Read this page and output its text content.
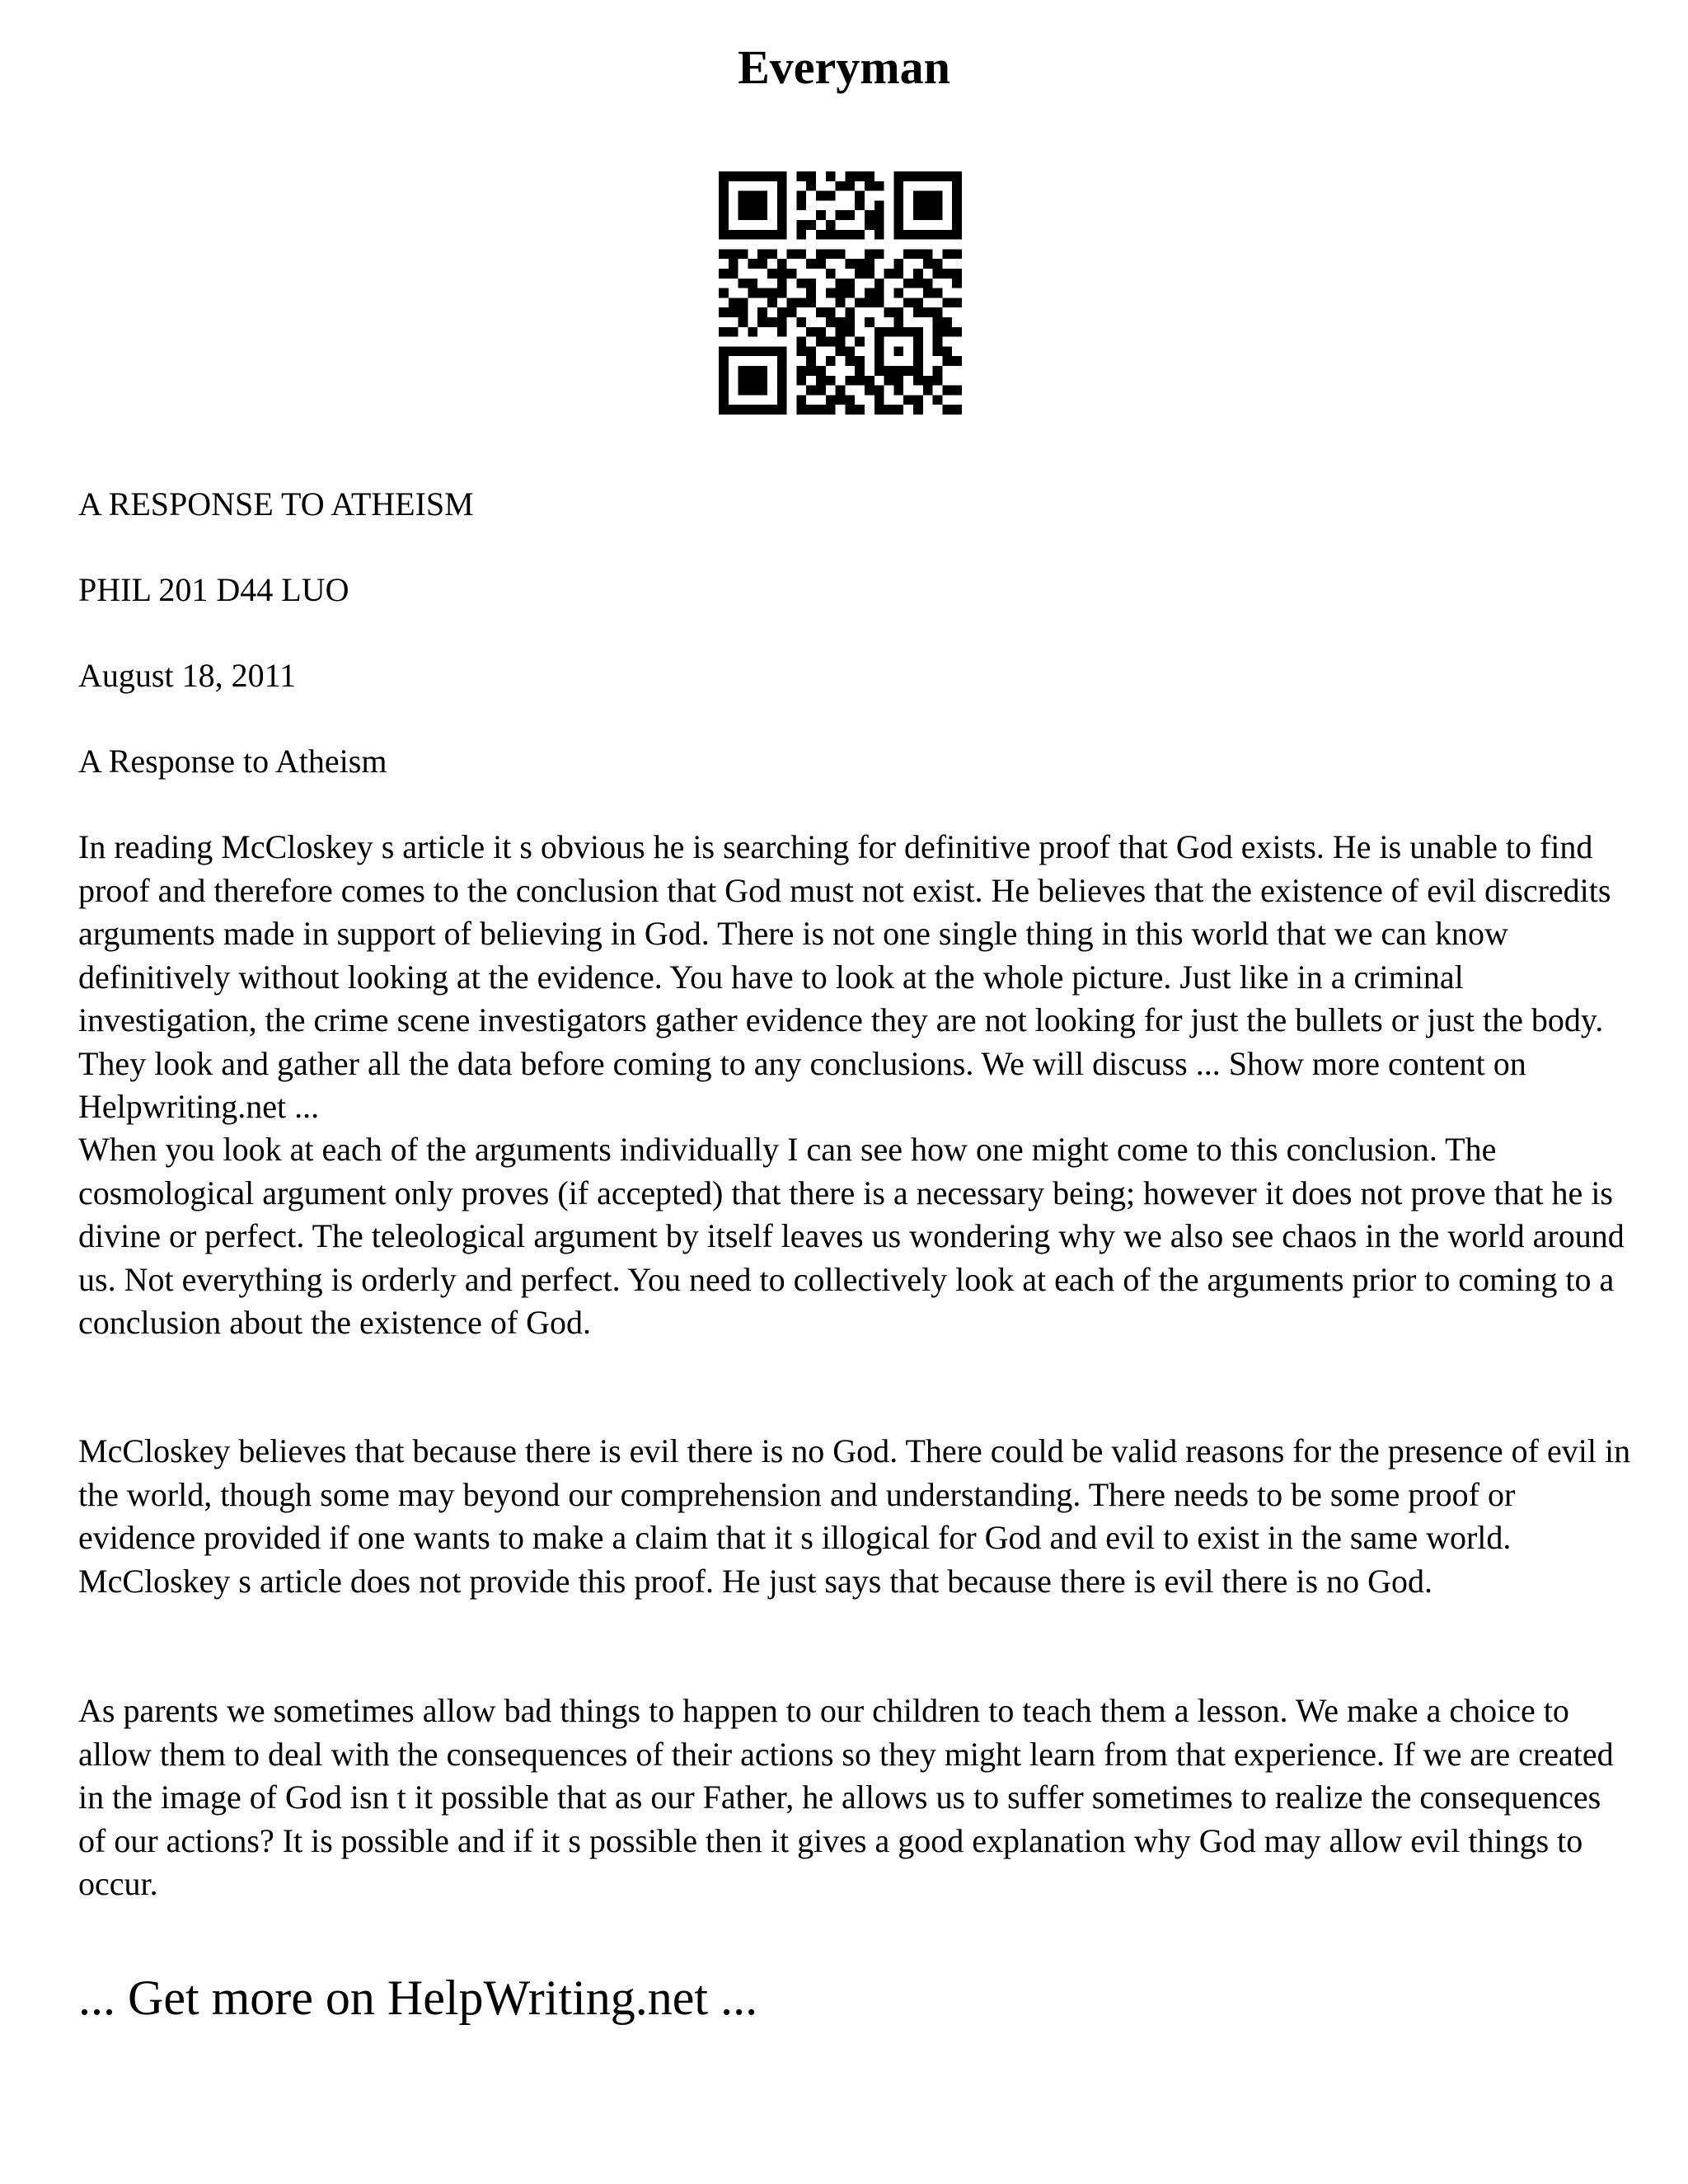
Everyman

A RESPONSE TO ATHEISM

PHIL 201 D44 LUO

August 18, 2011

A Response to Atheism

In reading McCloskey s article it s obvious he is searching for definitive proof that God exists. He is unable to find proof and therefore comes to the conclusion that God must not exist. He believes that the existence of evil discredits arguments made in support of believing in God. There is not one single thing in this world that we can know definitively without looking at the evidence. You have to look at the whole picture. Just like in a criminal investigation, the crime scene investigators gather evidence they are not looking for just the bullets or just the body. They look and gather all the data before coming to any conclusions. We will discuss ... Show more content on Helpwriting.net ...

When you look at each of the arguments individually I can see how one might come to this conclusion. The cosmological argument only proves (if accepted) that there is a necessary being; however it does not prove that he is divine or perfect. The teleological argument by itself leaves us wondering why we also see chaos in the world around us. Not everything is orderly and perfect. You need to collectively look at each of the arguments prior to coming to a conclusion about the existence of God.

McCloskey believes that because there is evil there is no God. There could be valid reasons for the presence of evil in the world, though some may beyond our comprehension and understanding. There needs to be some proof or evidence provided if one wants to make a claim that it s illogical for God and evil to exist in the same world. McCloskey s article does not provide this proof. He just says that because there is evil there is no God.

As parents we sometimes allow bad things to happen to our children to teach them a lesson. We make a choice to allow them to deal with the consequences of their actions so they might learn from that experience. If we are created in the image of God isn t it possible that as our Father, he allows us to suffer sometimes to realize the consequences of our actions? It is possible and if it s possible then it gives a good explanation why God may allow evil things to occur.

... Get more on HelpWriting.net ...
